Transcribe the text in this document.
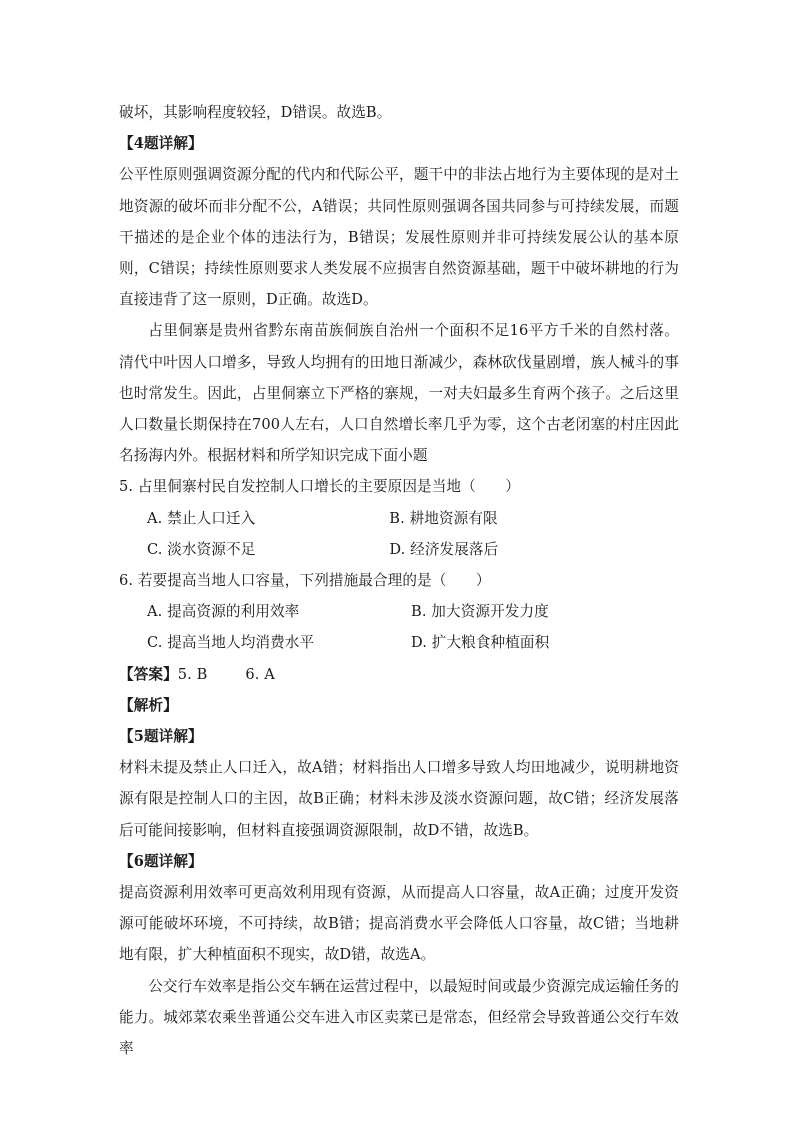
破坏，其影响程度较轻，D错误。故选B。

【4题详解】

公平性原则强调资源分配的代内和代际公平，题干中的非法占地行为主要体现的是对土地资源的破坏而非分配不公，A错误；共同性原则强调各国共同参与可持续发展，而题干描述的是企业个体的违法行为，B错误；发展性原则并非可持续发展公认的基本原则，C错误；持续性原则要求人类发展不应损害自然资源基础，题干中破坏耕地的行为直接违背了这一原则，D正确。故选D。

占里侗寨是贵州省黔东南苗族侗族自治州一个面积不足16平方千米的自然村落。清代中叶因人口增多，导致人均拥有的田地日渐减少，森林砍伐量剧增，族人械斗的事也时常发生。因此，占里侗寨立下严格的寨规，一对夫妇最多生育两个孩子。之后这里人口数量长期保持在700人左右，人口自然增长率几乎为零，这个古老闭塞的村庄因此名扬海内外。根据材料和所学知识完成下面小题

5. 占里侗寨村民自发控制人口增长的主要原因是当地（　　）

A. 禁止人口迁入	B. 耕地资源有限
C. 淡水资源不足	D. 经济发展落后

6. 若要提高当地人口容量，下列措施最合理的是（　　）

A. 提高资源的利用效率	B. 加大资源开发力度
C. 提高当地人均消费水平	D. 扩大粮食种植面积

【答案】5. B	6. A

【解析】

【5题详解】

材料未提及禁止人口迁入，故A错；材料指出人口增多导致人均田地减少，说明耕地资源有限是控制人口的主因，故B正确；材料未涉及淡水资源问题，故C错；经济发展落后可能间接影响，但材料直接强调资源限制，故D不错，故选B。

【6题详解】

提高资源利用效率可更高效利用现有资源，从而提高人口容量，故A正确；过度开发资源可能破坏环境，不可持续，故B错；提高消费水平会降低人口容量，故C错；当地耕地有限，扩大种植面积不现实，故D错，故选A。

公交行车效率是指公交车辆在运营过程中，以最短时间或最少资源完成运输任务的能力。城郊菜农乘坐普通公交车进入市区卖菜已是常态，但经常会导致普通公交行车效率
